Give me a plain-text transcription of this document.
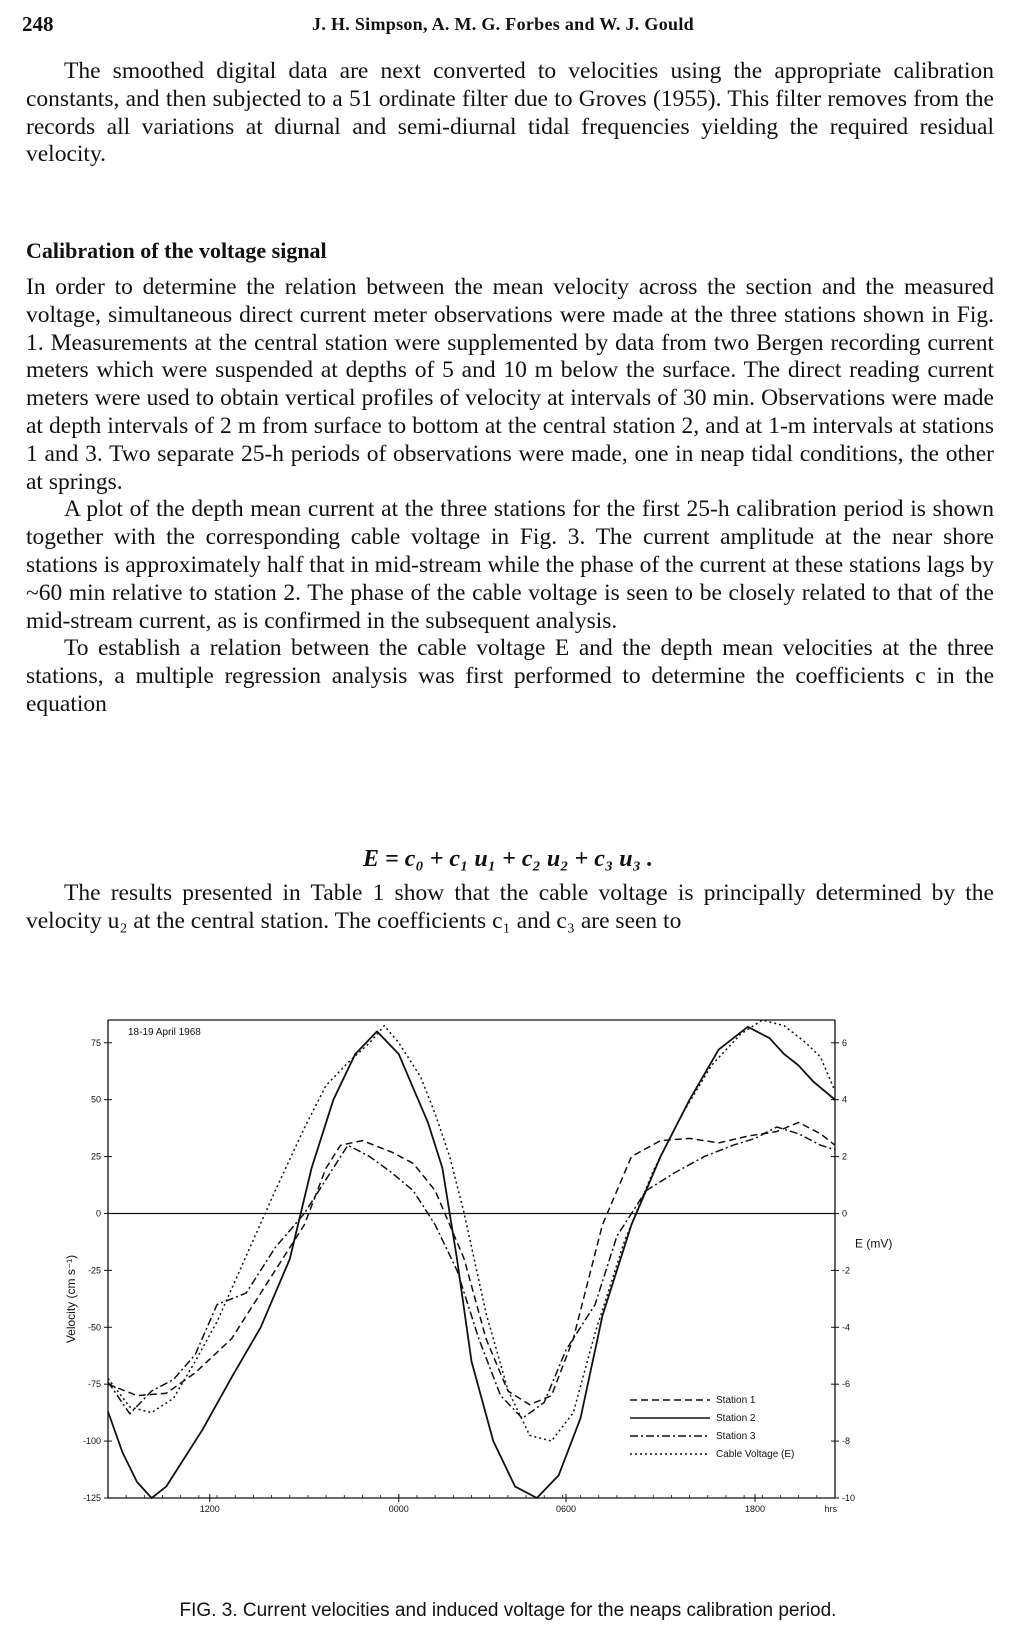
248	J. H. Simpson, A. M. G. Forbes and W. J. Gould

The smoothed digital data are next converted to velocities using the appropriate calibration constants, and then subjected to a 51 ordinate filter due to Groves (1955). This filter removes from the records all variations at diurnal and semi-diurnal tidal frequencies yielding the required residual velocity.

Calibration of the voltage signal

In order to determine the relation between the mean velocity across the section and the measured voltage, simultaneous direct current meter observations were made at the three stations shown in Fig. 1. Measurements at the central station were supplemented by data from two Bergen recording current meters which were suspended at depths of 5 and 10 m below the surface. The direct reading current meters were used to obtain vertical profiles of velocity at intervals of 30 min. Observations were made at depth intervals of 2 m from surface to bottom at the central station 2, and at 1-m intervals at stations 1 and 3. Two separate 25-h periods of observations were made, one in neap tidal conditions, the other at springs.

A plot of the depth mean current at the three stations for the first 25-h calibration period is shown together with the corresponding cable voltage in Fig. 3. The current amplitude at the near shore stations is approximately half that in mid-stream while the phase of the current at these stations lags by ~60 min relative to station 2. The phase of the cable voltage is seen to be closely related to that of the mid-stream current, as is confirmed in the subsequent analysis.

To establish a relation between the cable voltage E and the depth mean velocities at the three stations, a multiple regression analysis was first performed to determine the coefficients c in the equation

E = c₀ + c₁ u₁ + c₂ u₂ + c₃ u₃ .

The results presented in Table 1 show that the cable voltage is principally determined by the velocity u₂ at the central station. The coefficients c₁ and c₃ are seen to

75
50
25
0
-25
-50
-75
-100
-125
6
4
2
0
-2
-4
-6
-8
-10
1200	0000	0600	1800	hrs
Velocity (cm s⁻¹)
E (mV)
18-19 April 1968
Station 1
Station 2
Station 3
Cable Voltage (E)
FIG. 3. Current velocities and induced voltage for the neaps calibration period.
